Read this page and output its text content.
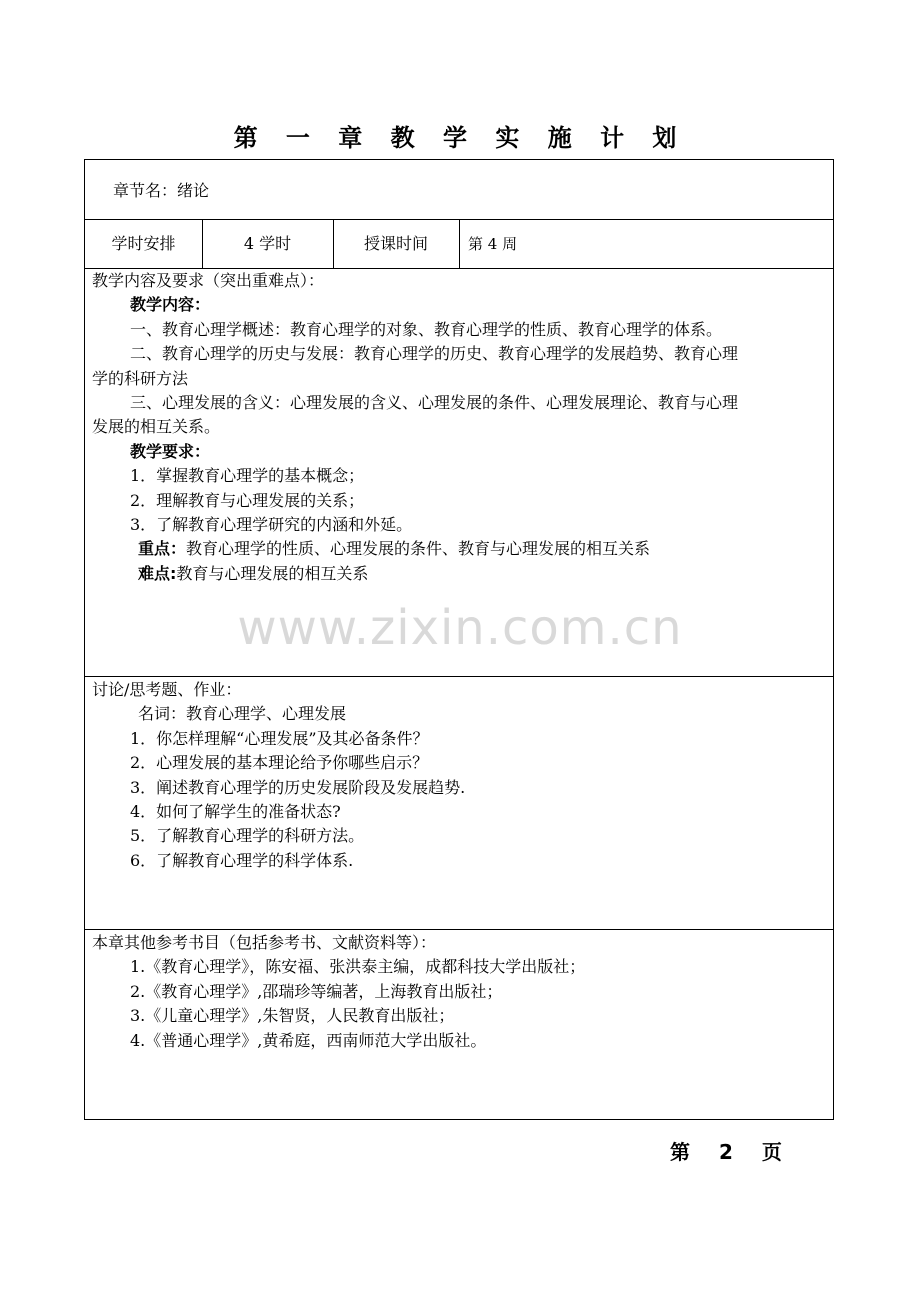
第 一 章 教 学 实 施 计 划
章节名：绪论
学时安排	4 学时	授课时间	第 4 周
教学内容及要求（突出重难点）：
教学内容：
一、教育心理学概述：教育心理学的对象、教育心理学的性质、教育心理学的体系。
二、教育心理学的历史与发展：教育心理学的历史、教育心理学的发展趋势、教育心理
学的科研方法
三、心理发展的含义：心理发展的含义、心理发展的条件、心理发展理论、教育与心理
发展的相互关系。
教学要求：
1．掌握教育心理学的基本概念；
2．理解教育与心理发展的关系；
3．了解教育心理学研究的内涵和外延。
重点：教育心理学的性质、心理发展的条件、教育与心理发展的相互关系
难点:教育与心理发展的相互关系
讨论/思考题、作业：
名词：教育心理学、心理发展
1．你怎样理解“心理发展”及其必备条件？
2．心理发展的基本理论给予你哪些启示？
3．阐述教育心理学的历史发展阶段及发展趋势.
4．如何了解学生的准备状态?
5．了解教育心理学的科研方法。
6．了解教育心理学的科学体系.
本章其他参考书目（包括参考书、文献资料等）：
1.《教育心理学》，陈安福、张洪泰主编，成都科技大学出版社；
2.《教育心理学》,邵瑞珍等编著，上海教育出版社；
3.《儿童心理学》,朱智贤，人民教育出版社；
4.《普通心理学》,黄希庭，西南师范大学出版社。
www.zixin.com.cn
第 2 页
